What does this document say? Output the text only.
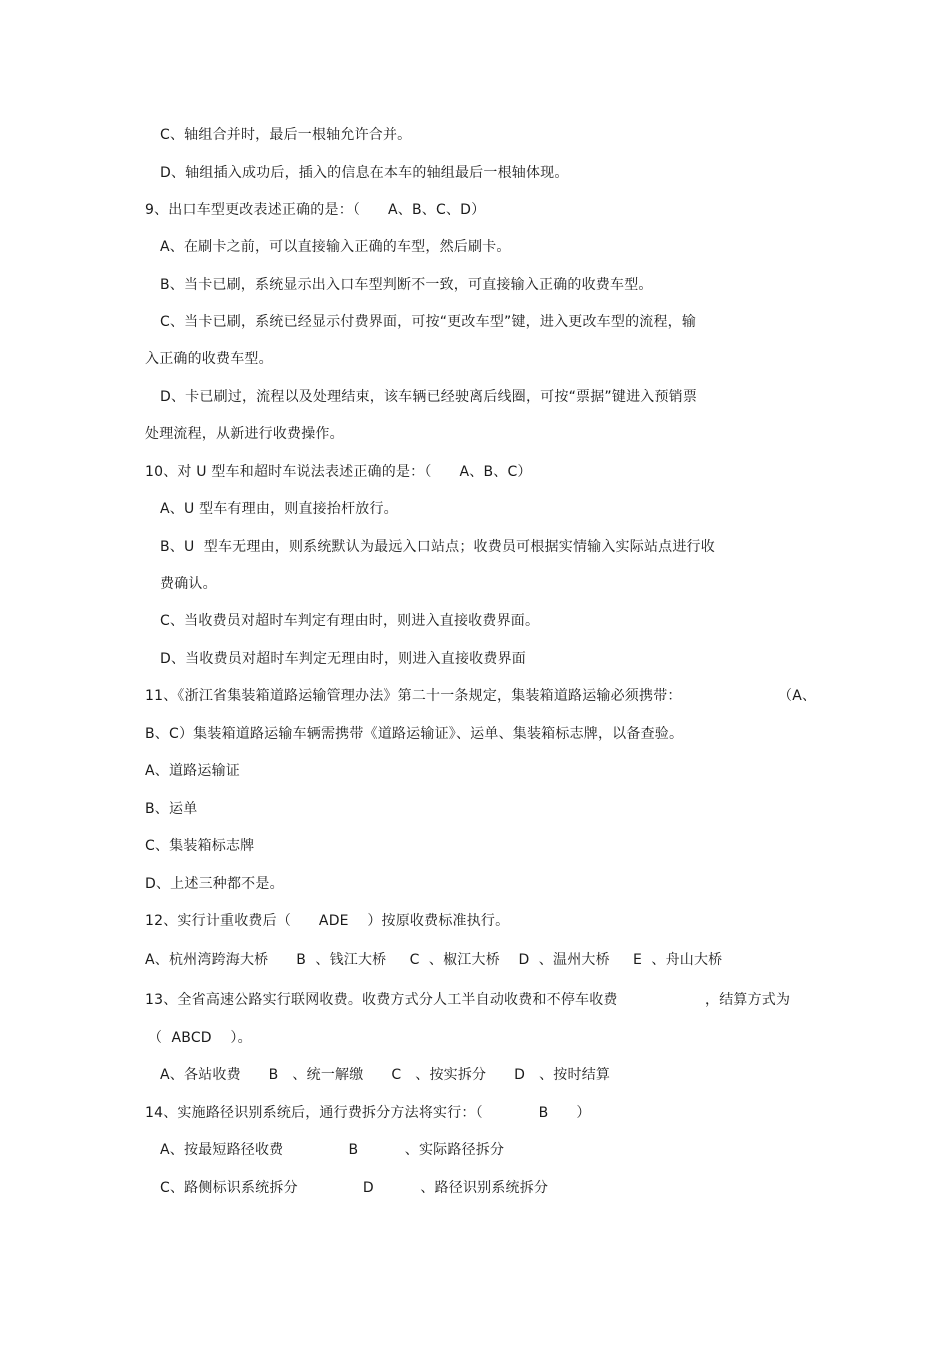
C、轴组合并时，最后一根轴允许合并。
D、轴组插入成功后，插入的信息在本车的轴组最后一根轴体现。
9、出口车型更改表述正确的是：（      A、B、C、D）
A、在刷卡之前，可以直接输入正确的车型，然后刷卡。
B、当卡已刷，系统显示出入口车型判断不一致，可直接输入正确的收费车型。
C、当卡已刷，系统已经显示付费界面，可按“更改车型”键，进入更改车型的流程，输
入正确的收费车型。
D、卡已刷过，流程以及处理结束，该车辆已经驶离后线圈，可按“票据”键进入预销票
处理流程，从新进行收费操作。
10、对 U 型车和超时车说法表述正确的是：（      A、B、C）
A、U 型车有理由，则直接抬杆放行。
B、U  型车无理由，则系统默认为最远入口站点；收费员可根据实情输入实际站点进行收
费确认。
C、当收费员对超时车判定有理由时，则进入直接收费界面。
D、当收费员对超时车判定无理由时，则进入直接收费界面
11、《浙江省集装箱道路运输管理办法》第二十一条规定，集装箱道路运输必须携带：	（A、
B、C）集装箱道路运输车辆需携带《道路运输证》、运单、集装箱标志牌，以备查验。
A、道路运输证
B、运单
C、集装箱标志牌
D、上述三种都不是。
12、实行计重收费后（      ADE    ）按原收费标准执行。
A、杭州湾跨海大桥      B  、钱江大桥     C  、椒江大桥    D  、温州大桥     E  、舟山大桥
13、全省高速公路实行联网收费。收费方式分人工半自动收费和不停车收费	，结算方式为
（  ABCD    ）。
A、各站收费      B   、统一解缴      C   、按实拆分      D   、按时结算
14、实施路径识别系统后，通行费拆分方法将实行：（            B      ）
A、按最短路径收费              B          、实际路径拆分
C、路侧标识系统拆分              D          、路径识别系统拆分
